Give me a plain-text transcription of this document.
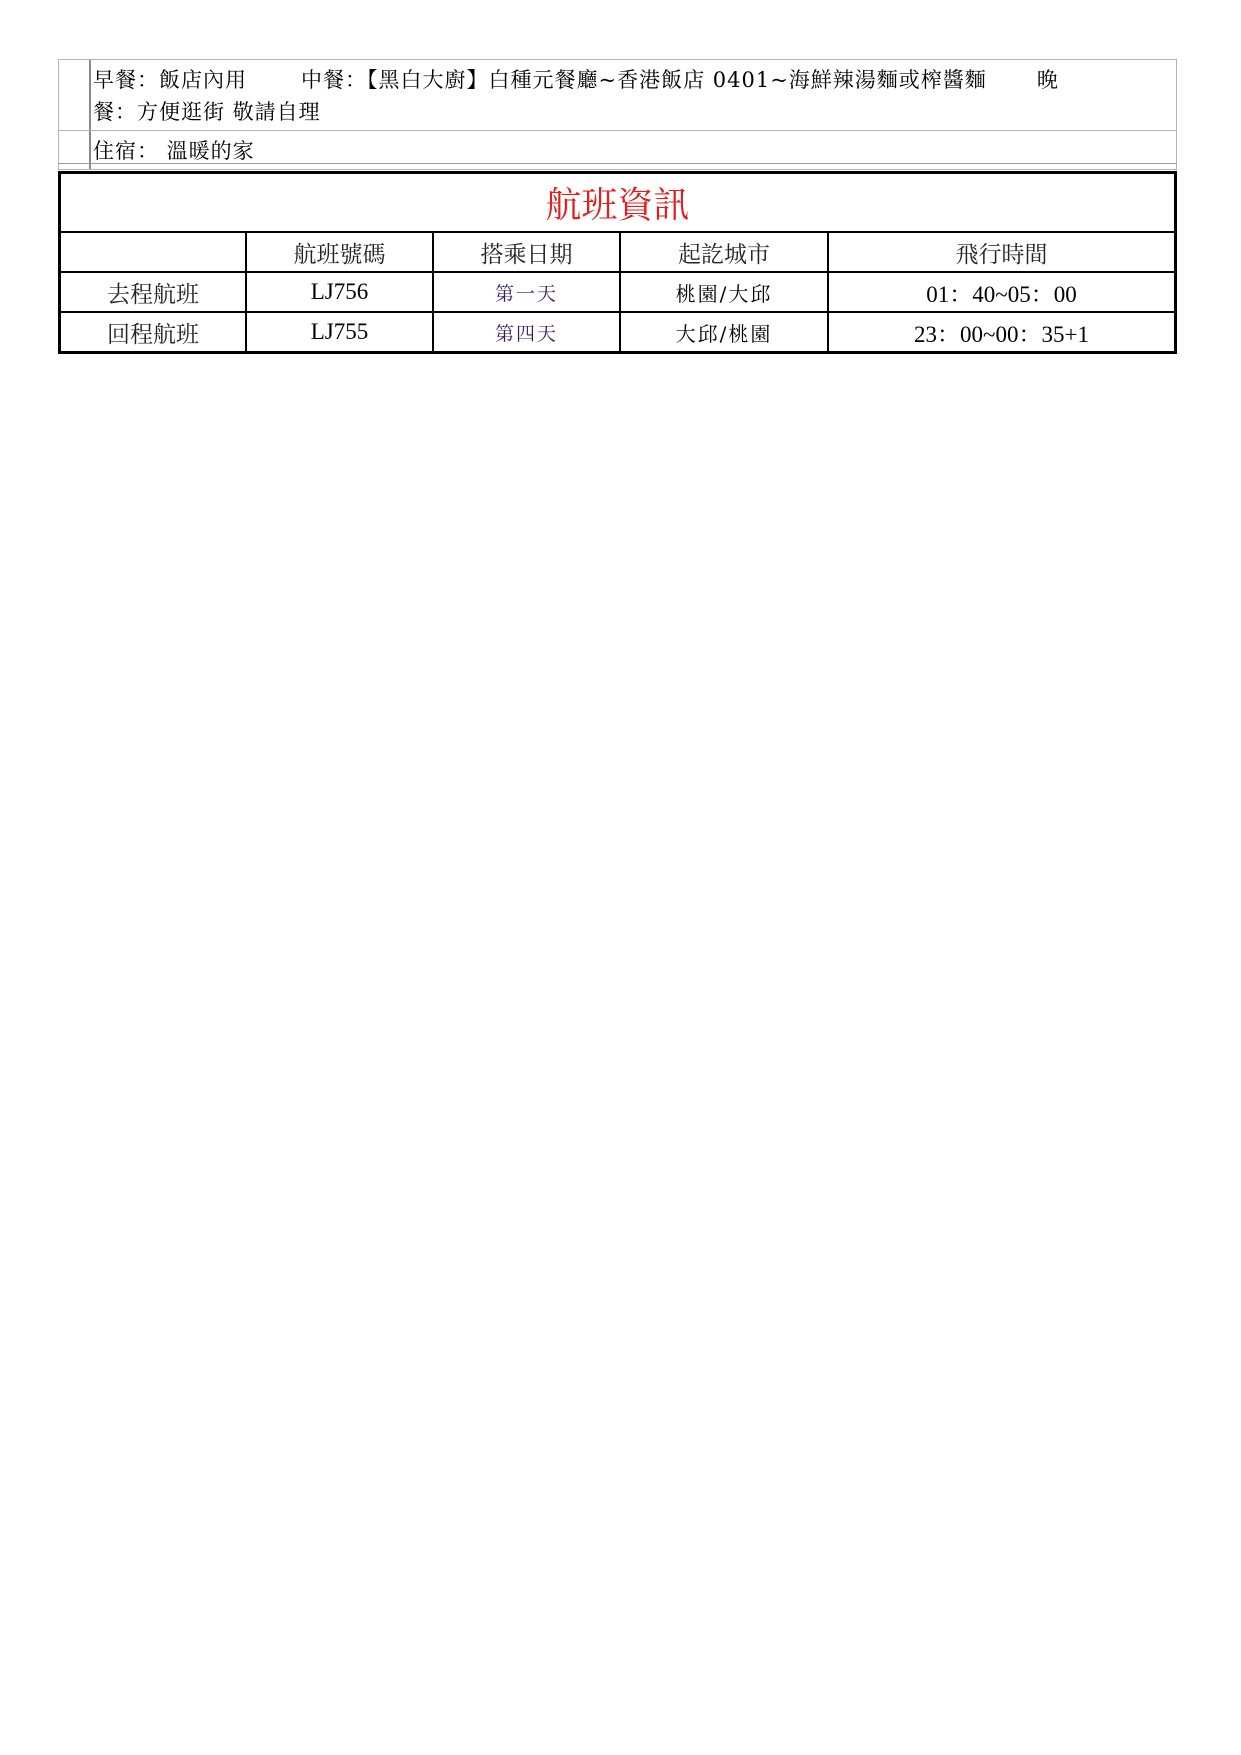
早餐：飯店內用	中餐：【黑白大廚】白種元餐廳~香港飯店 0401~海鮮辣湯麵或榨醬麵 晚
餐：方便逛街 敬請自理
住宿： 溫暖的家
航班資訊				
	航班號碼	搭乘日期	起訖城市	飛行時間
去程航班	LJ756	第一天	桃園/大邱	01：40~05：00
回程航班	LJ755	第四天	大邱/桃園	23：00~00：35+1
